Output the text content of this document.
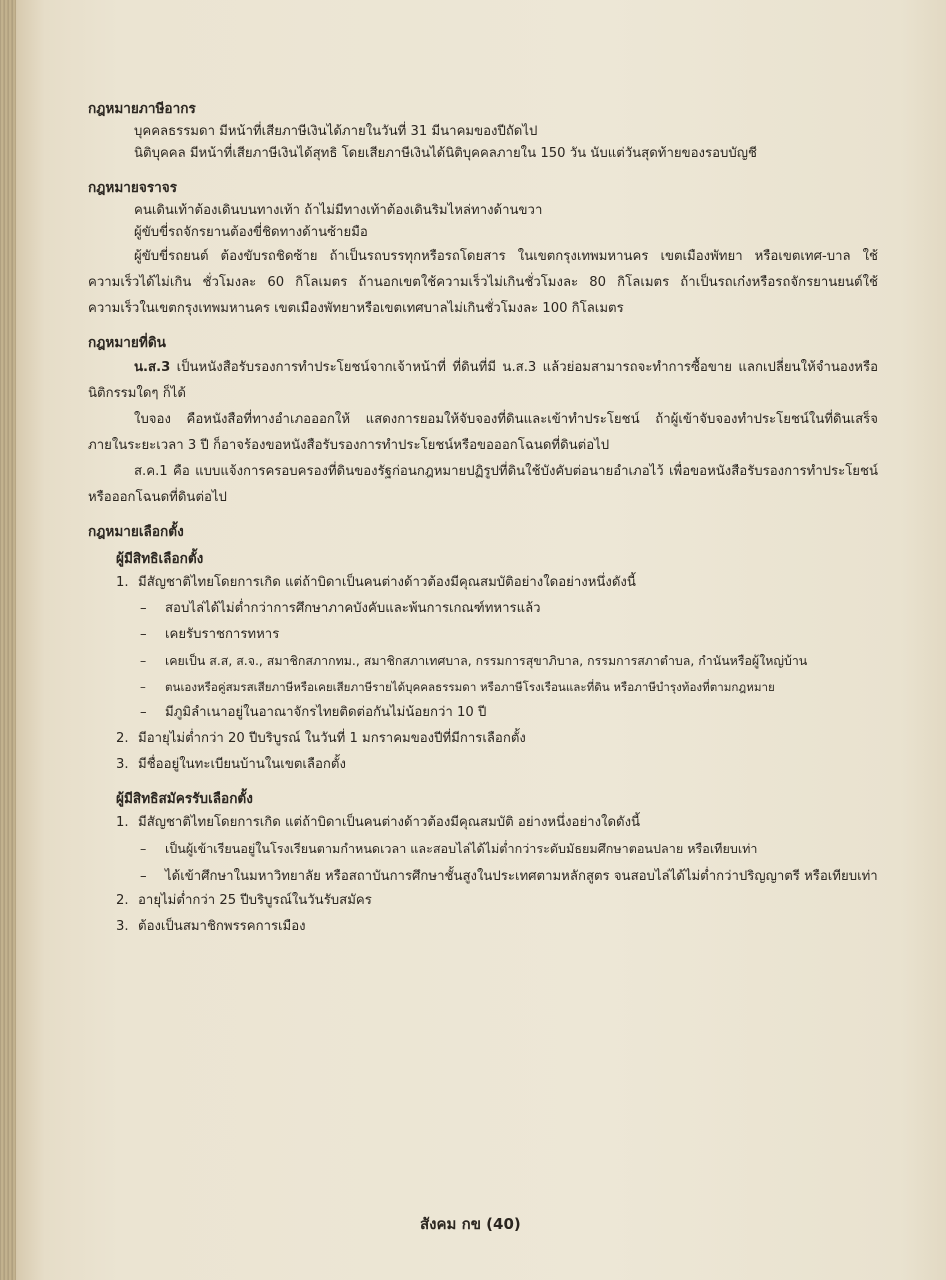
กฎหมายภาษีอากร
บุคคลธรรมดา มีหน้าที่เสียภาษีเงินได้ภายในวันที่ 31 มีนาคมของปีถัดไป
นิติบุคคล มีหน้าที่เสียภาษีเงินได้สุทธิ โดยเสียภาษีเงินได้นิติบุคคลภายใน 150 วัน นับแต่วันสุดท้ายของรอบบัญชี
กฎหมายจราจร
คนเดินเท้าต้องเดินบนทางเท้า ถ้าไม่มีทางเท้าต้องเดินริมไหล่ทางด้านขวา
ผู้ขับขี่รถจักรยานต้องขี่ชิดทางด้านซ้ายมือ
ผู้ขับขี่รถยนต์ ต้องขับรถชิดซ้าย ถ้าเป็นรถบรรทุกหรือรถโดยสาร ในเขตกรุงเทพมหานคร เขตเมืองพัทยา หรือเขตเทศ-บาล ใช้ความเร็วได้ไม่เกิน ชั่วโมงละ 60 กิโลเมตร ถ้านอกเขตใช้ความเร็วไม่เกินชั่วโมงละ 80 กิโลเมตร ถ้าเป็นรถเก๋งหรือรถจักรยานยนต์ใช้ความเร็วในเขตกรุงเทพมหานคร เขตเมืองพัทยาหรือเขตเทศบาลไม่เกินชั่วโมงละ 100 กิโลเมตร
กฎหมายที่ดิน
น.ส.3 เป็นหนังสือรับรองการทำประโยชน์จากเจ้าหน้าที่ ที่ดินที่มี น.ส.3 แล้วย่อมสามารถจะทำการซื้อขาย แลกเปลี่ยนให้จำนองหรือนิติกรรมใดๆ ก็ได้
ใบจอง คือหนังสือที่ทางอำเภอออกให้ แสดงการยอมให้จับจองที่ดินและเข้าทำประโยชน์ ถ้าผู้เข้าจับจองทำประโยชน์ในที่ดินเสร็จภายในระยะเวลา 3 ปี ก็อาจร้องขอหนังสือรับรองการทำประโยชน์หรือขอออกโฉนดที่ดินต่อไป
ส.ค.1 คือ แบบแจ้งการครอบครองที่ดินของรัฐก่อนกฎหมายปฏิรูปที่ดินใช้บังคับต่อนายอำเภอไว้ เพื่อขอหนังสือรับรองการทำประโยชน์ หรือออกโฉนดที่ดินต่อไป
กฎหมายเลือกตั้ง
ผู้มีสิทธิเลือกตั้ง
1. มีสัญชาติไทยโดยการเกิด แต่ถ้าบิดาเป็นคนต่างด้าวต้องมีคุณสมบัติอย่างใดอย่างหนึ่งดังนี้
– สอบไล่ได้ไม่ต่ำกว่าการศึกษาภาคบังคับและพ้นการเกณฑ์ทหารแล้ว
– เคยรับราชการทหาร
– เคยเป็น ส.ส, ส.จ., สมาชิกสภากทม., สมาชิกสภาเทศบาล, กรรมการสุขาภิบาล, กรรมการสภาตำบล, กำนันหรือผู้ใหญ่บ้าน
– ตนเองหรือคู่สมรสเสียภาษีหรือเคยเสียภาษีรายได้บุคคลธรรมดา หรือภาษีโรงเรือนและที่ดิน หรือภาษีบำรุงท้องที่ตามกฎหมาย
– มีภูมิลำเนาอยู่ในอาณาจักรไทยติดต่อกันไม่น้อยกว่า 10 ปี
2. มีอายุไม่ต่ำกว่า 20 ปีบริบูรณ์ ในวันที่ 1 มกราคมของปีที่มีการเลือกตั้ง
3. มีชื่ออยู่ในทะเบียนบ้านในเขตเลือกตั้ง
ผู้มีสิทธิสมัครรับเลือกตั้ง
1. มีสัญชาติไทยโดยการเกิด แต่ถ้าบิดาเป็นคนต่างด้าวต้องมีคุณสมบัติ อย่างหนึ่งอย่างใดดังนี้
– เป็นผู้เข้าเรียนอยู่ในโรงเรียนตามกำหนดเวลา และสอบไล่ได้ไม่ต่ำกว่าระดับมัธยมศึกษาตอนปลาย หรือเทียบเท่า
– ได้เข้าศึกษาในมหาวิทยาลัย หรือสถาบันการศึกษาชั้นสูงในประเทศตามหลักสูตร จนสอบไล่ได้ไม่ต่ำกว่าปริญญาตรี หรือเทียบเท่า
2. อายุไม่ต่ำกว่า 25 ปีบริบูรณ์ในวันรับสมัคร
3. ต้องเป็นสมาชิกพรรคการเมือง
สังคม กข (40)
